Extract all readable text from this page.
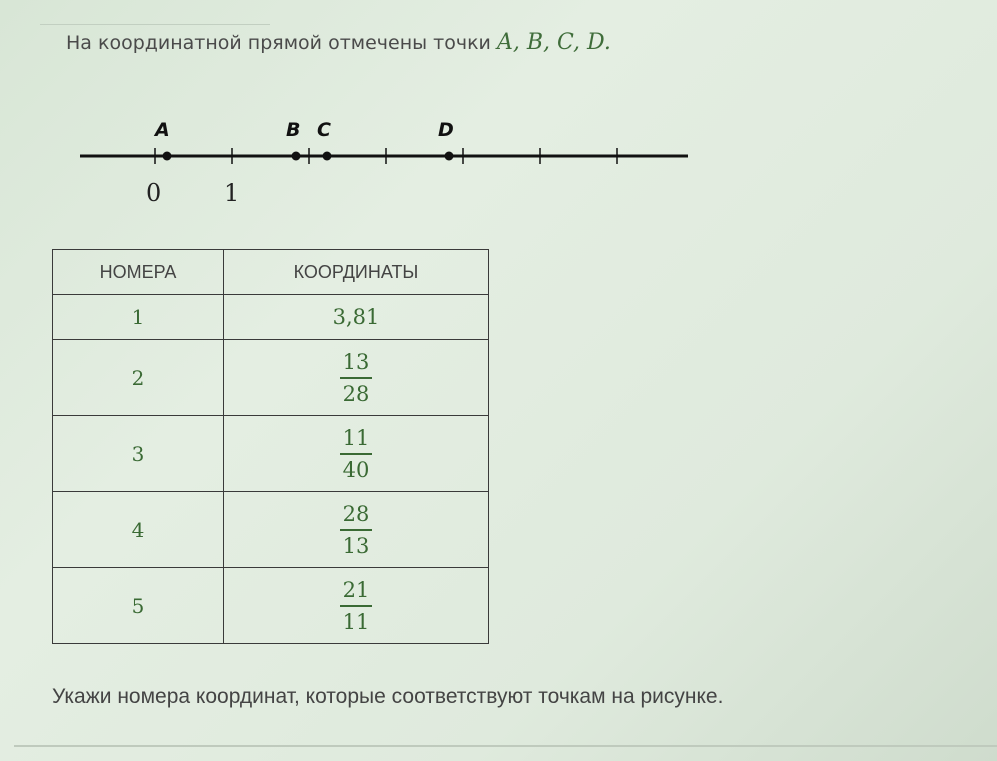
На координатной прямой отмечены точки A, B, C, D.
A	B C	D
0	1
НОМЕРА	КООРДИНАТЫ
1	3,81
2	$\frac{13}{28}$

3	$\frac{11}{40}$

4	$\frac{28}{13}$

5	$\frac{21}{11}$
Укажи номера координат, которые соответствуют точкам на рисунке.
